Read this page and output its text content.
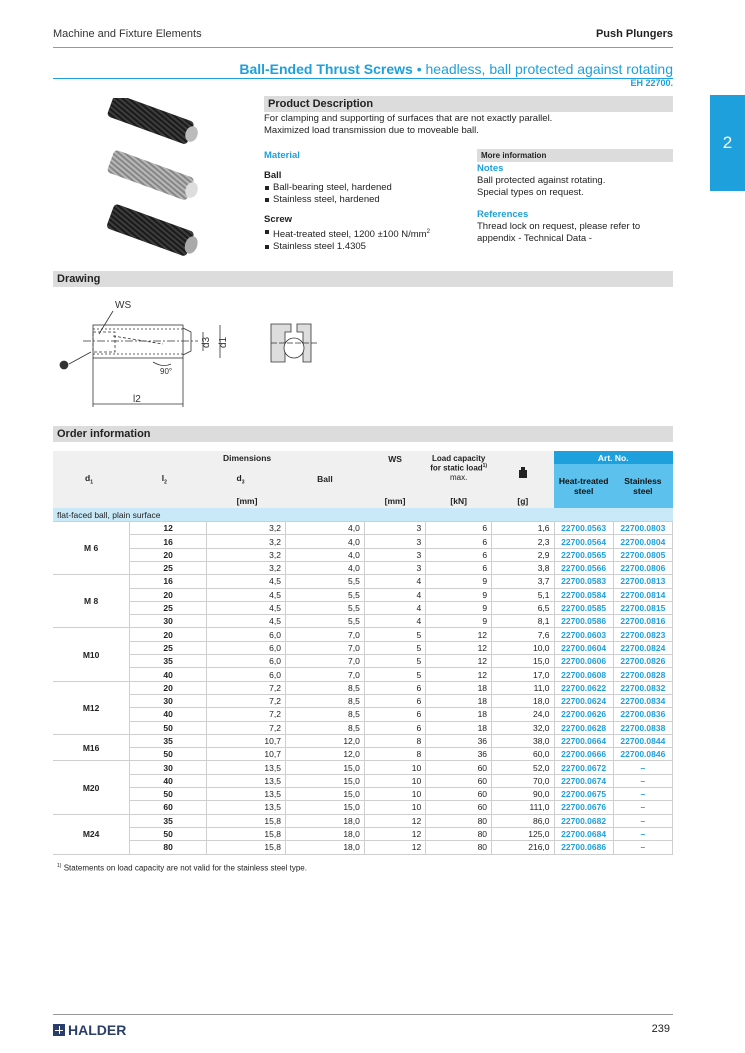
Machine and Fixture Elements	Push Plungers
2
Ball-Ended Thrust Screws • headless, ball protected against rotating
EH 22700.
Product Description
For clamping and supporting of surfaces that are not exactly parallel.
Maximized load transmission due to moveable ball.
Material
Ball
Ball-bearing steel, hardened
Stainless steel, hardened
Screw
Heat-treated steel, 1200 ±100 $N/mm^2$
Stainless steel 1.4305
More information
Notes
Ball protected against rotating.
Special types on request.
References
Thread lock on request, please refer to
appendix - Technical Data -
Drawing
WS
d3 d1
l2
90°
Order information
$d_1$	Dimensions			WS	Load capacity for static load$^{1)}$
max.		Art. No.	
	$l_2$	$d_3$	Ball				Heat-treated steel	Stainless steel
	[mm]			[mm]	[kN]	[g]		
flat-faced ball, plain surface								
M 6	12	3,2	4,0	3	6	1,6	22700.0563	22700.0803
	16	3,2	4,0	3	6	2,3	22700.0564	22700.0804
	20	3,2	4,0	3	6	2,9	22700.0565	22700.0805
	25	3,2	4,0	3	6	3,8	22700.0566	22700.0806
M 8	16	4,5	5,5	4	9	3,7	22700.0583	22700.0813
	20	4,5	5,5	4	9	5,1	22700.0584	22700.0814
	25	4,5	5,5	4	9	6,5	22700.0585	22700.0815
	30	4,5	5,5	4	9	8,1	22700.0586	22700.0816
M10	20	6,0	7,0	5	12	7,6	22700.0603	22700.0823
	25	6,0	7,0	5	12	10,0	22700.0604	22700.0824
	35	6,0	7,0	5	12	15,0	22700.0606	22700.0826
	40	6,0	7,0	5	12	17,0	22700.0608	22700.0828
M12	20	7,2	8,5	6	18	11,0	22700.0622	22700.0832
	30	7,2	8,5	6	18	18,0	22700.0624	22700.0834
	40	7,2	8,5	6	18	24,0	22700.0626	22700.0836
	50	7,2	8,5	6	18	32,0	22700.0628	22700.0838
M16	35	10,7	12,0	8	36	38,0	22700.0664	22700.0844
	50	10,7	12,0	8	36	60,0	22700.0666	22700.0846
M20	30	13,5	15,0	10	60	52,0	22700.0672	–
	40	13,5	15,0	10	60	70,0	22700.0674	–
	50	13,5	15,0	10	60	90,0	22700.0675	–
	60	13,5	15,0	10	60	111,0	22700.0676	–
M24	35	15,8	18,0	12	80	86,0	22700.0682	–
	50	15,8	18,0	12	80	125,0	22700.0684	–
	80	15,8	18,0	12	80	216,0	22700.0686	–
$^{1)}$ Statements on load capacity are not valid for the stainless steel type.
HALDER	239
